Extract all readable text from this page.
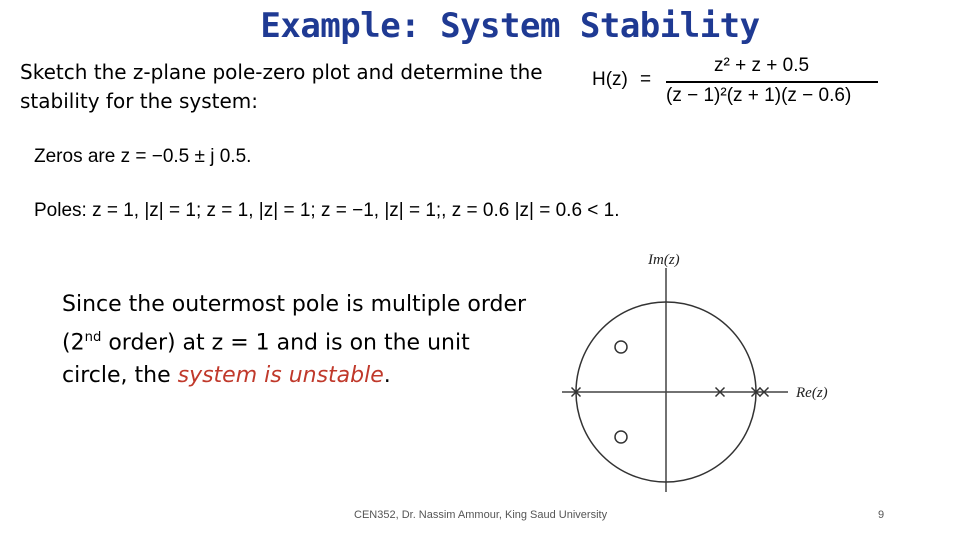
Example: System Stability
Sketch the z-plane pole-zero plot and determine the stability for the system:
H(z) =
z² + z + 0.5
(z − 1)²(z + 1)(z − 0.6)
Zeros are z = −0.5 ± j 0.5.
Poles: z = 1, |z| = 1; z = 1, |z| = 1; z = −1, |z| = 1;, z = 0.6 |z| = 0.6 < 1.
Since the outermost pole is multiple order (2nd order) at z = 1 and is on the unit circle, the system is unstable.
Im(z)
Re(z)
CEN352, Dr. Nassim Ammour, King Saud University	9
